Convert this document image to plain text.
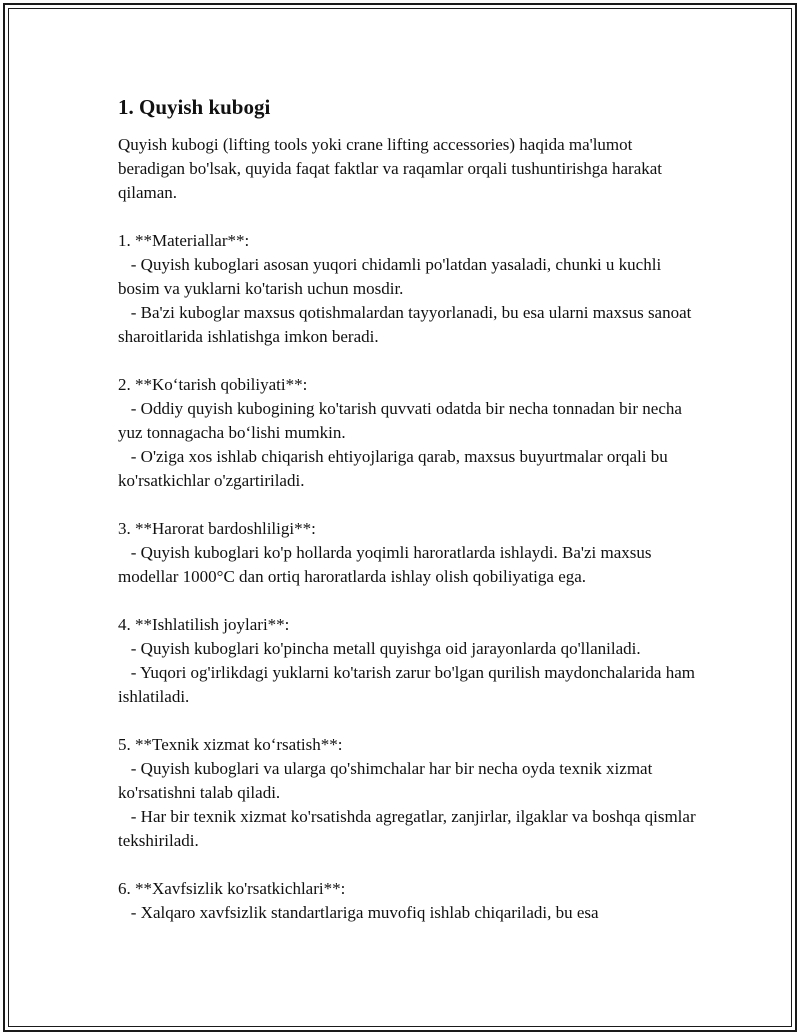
1. Quyish kubogi

Quyish kubogi (lifting tools yoki crane lifting accessories) haqida ma'lumot beradigan bo'lsak, quyida faqat faktlar va raqamlar orqali tushuntirishga harakat qilaman.

1. **Materiallar**:

- Quyish kuboglari asosan yuqori chidamli po'latdan yasaladi, chunki u kuchli bosim va yuklarni ko'tarish uchun mosdir.

- Ba'zi kuboglar maxsus qotishmalardan tayyorlanadi, bu esa ularni maxsus sanoat sharoitlarida ishlatishga imkon beradi.

2. **Ko‘tarish qobiliyati**:

- Oddiy quyish kubogining ko'tarish quvvati odatda bir necha tonnadan bir necha yuz tonnagacha bo‘lishi mumkin.

- O'ziga xos ishlab chiqarish ehtiyojlariga qarab, maxsus buyurtmalar orqali bu ko'rsatkichlar o'zgartiriladi.

3. **Harorat bardoshliligi**:

- Quyish kuboglari ko'p hollarda yoqimli haroratlarda ishlaydi. Ba'zi maxsus modellar 1000°C dan ortiq haroratlarda ishlay olish qobiliyatiga ega.

4. **Ishlatilish joylari**:

- Quyish kuboglari ko'pincha metall quyishga oid jarayonlarda qo'llaniladi.

- Yuqori og'irlikdagi yuklarni ko'tarish zarur bo'lgan qurilish maydonchalarida ham ishlatiladi.

5. **Texnik xizmat ko‘rsatish**:

- Quyish kuboglari va ularga qo'shimchalar har bir necha oyda texnik xizmat ko'rsatishni talab qiladi.

- Har bir texnik xizmat ko'rsatishda agregatlar, zanjirlar, ilgaklar va boshqa qismlar tekshiriladi.

6. **Xavfsizlik ko'rsatkichlari**:

- Xalqaro xavfsizlik standartlariga muvofiq ishlab chiqariladi, bu esa
